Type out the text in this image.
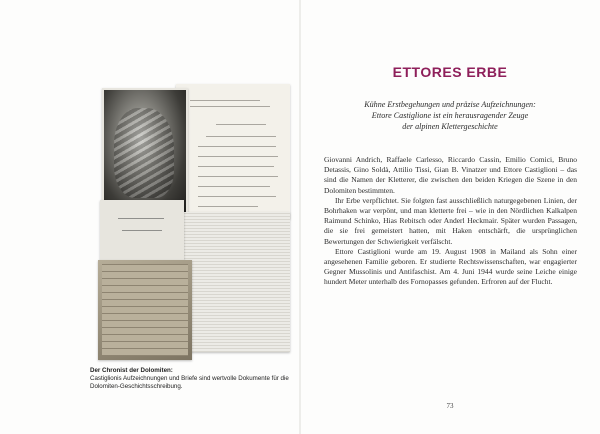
Der Chronist der Dolomiten:
Castiglionis Aufzeichnungen und Briefe sind wertvolle Dokumente für die Dolomiten-Geschichtsschreibung.
ETTORES ERBE
Kühne Erstbegehungen und präzise Aufzeichnungen:
Ettore Castiglione ist ein herausragender Zeuge
der alpinen Klettergeschichte

Giovanni Andrich, Raffaele Carlesso, Riccardo Cassin, Emilio Comici, Bruno Detassis, Gino Soldà, Attilio Tissi, Gian B. Vinatzer und Ettore Castiglioni – das sind die Namen der Kletterer, die zwischen den beiden Kriegen die Szene in den Dolomiten bestimmten.

Ihr Erbe verpflichtet. Sie folgten fast ausschließlich naturgegebenen Linien, der Bohrhaken war verpönt, und man kletterte frei – wie in den Nördlichen Kalkalpen Raimund Schinko, Hias Rebitsch oder Anderl Heckmair. Später wurden Passagen, die sie frei gemeistert hatten, mit Haken entschärft, die ursprünglichen Bewertungen der Schwierigkeit verfälscht.

Ettore Castiglioni wurde am 19. August 1908 in Mailand als Sohn einer angesehenen Familie geboren. Er studierte Rechtswissenschaften, war engagierter Gegner Mussolinis und Antifaschist. Am 4. Juni 1944 wurde seine Leiche einige hundert Meter unterhalb des Fornopasses gefunden. Erfroren auf der Flucht.

73
